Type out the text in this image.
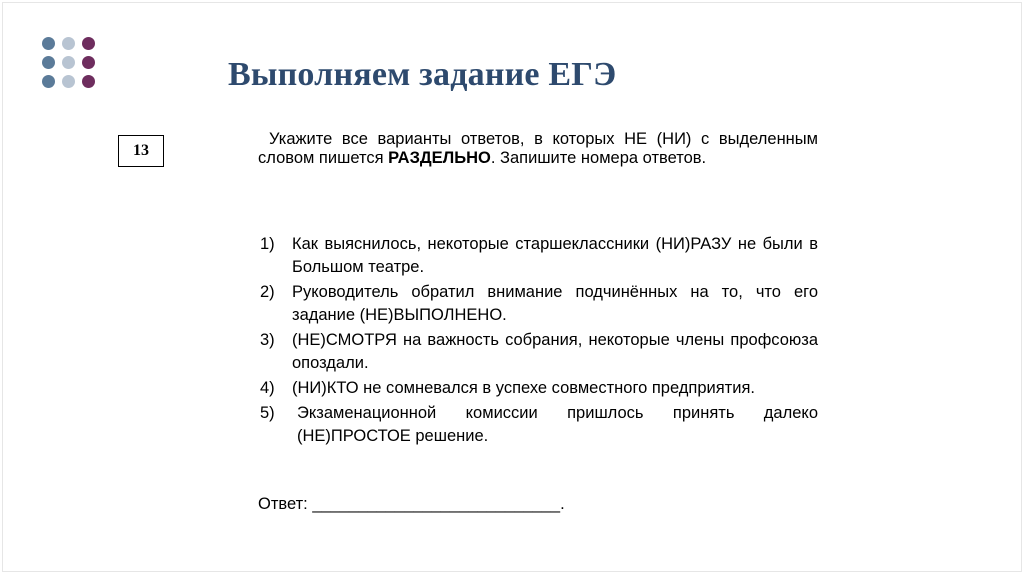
Выполняем задание ЕГЭ
13
Укажите все варианты ответов, в которых НЕ (НИ) с выделенным словом пишется РАЗДЕЛЬНО. Запишите номера ответов.
1)	Как выяснилось, некоторые старшеклассники (НИ)РАЗУ не были в Большом театре.
2)	Руководитель обратил внимание подчинённых на то, что его задание (НЕ)ВЫПОЛНЕНО.
3)	(НЕ)СМОТРЯ на важность собрания, некоторые члены профсоюза опоздали.
4)	(НИ)КТО не сомневался в успехе совместного предприятия.
5)	Экзаменационной комиссии пришлось принять далеко (НЕ)ПРОСТОЕ решение.
Ответ: ___________________________.
